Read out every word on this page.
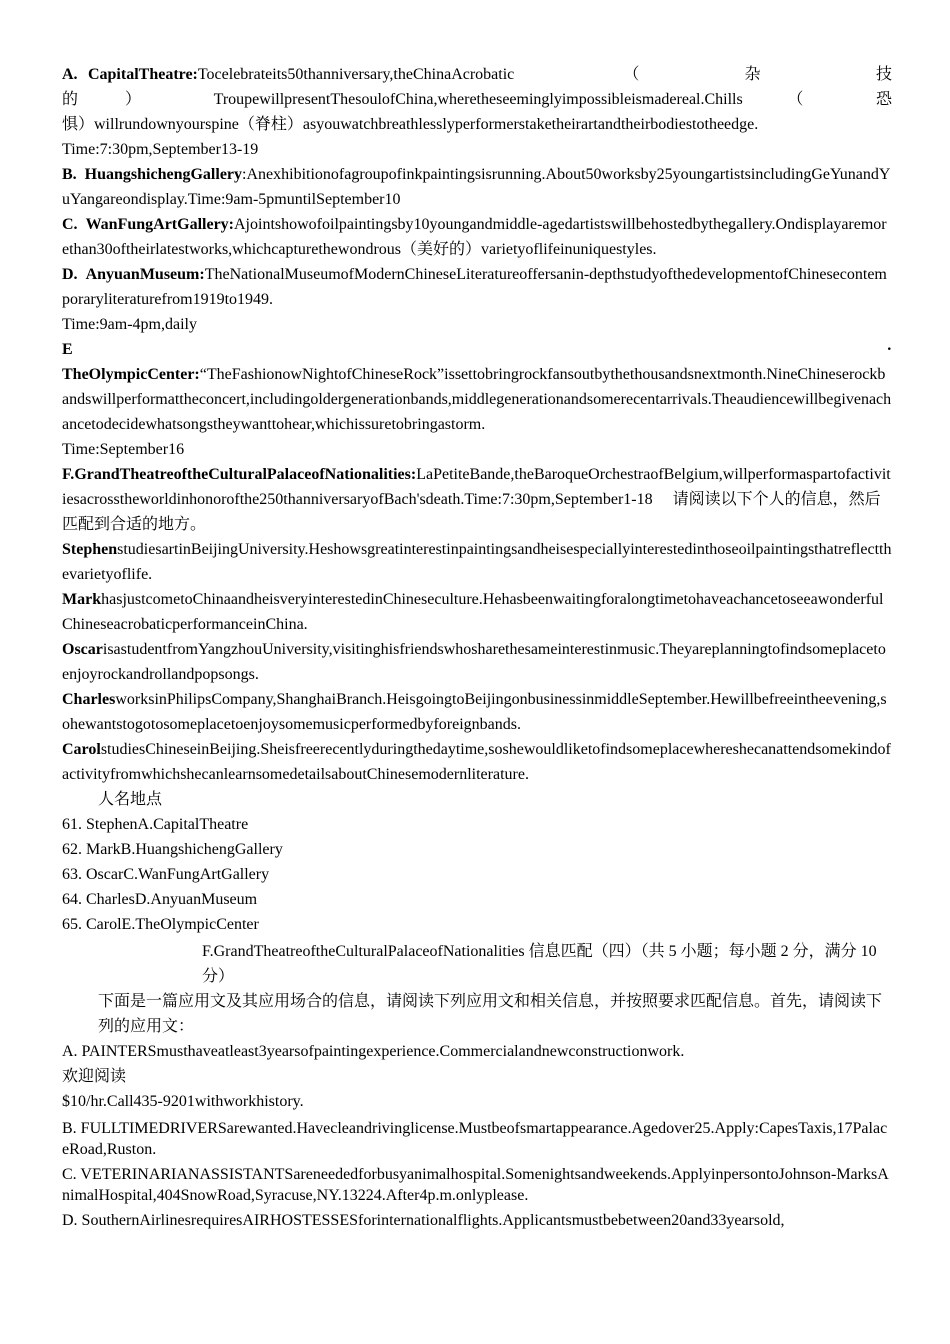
A. CapitalTheatre:Tocelebrateits50thanniversary,theChinaAcrobatic                     （                    杂                      技

的       ）           TroupewillpresentThesoulofChina,wheretheseeminglyimpossibleismadereal.Chills       （           恐

惧）willrundownyourspine（脊柱）asyouwatchbreathlesslyperformerstaketheirartandtheirbodiestotheedge.

Time:7:30pm,September13-19

B. HuangshichengGallery:Anexhibitionofagroupofinkpaintingsisrunning.About50worksby25youngartistsincludingGeYunandYuYangareondisplay.Time:9am-5pmuntilSeptember10

C. WanFungArtGallery:Ajointshowofoilpaintingsby10youngandmiddle-agedartistswillbehostedbythegallery.Ondisplayaremorethan30oftheirlatestworks,whichcapturethewondrous（美好的）varietyoflifeinuniquestyles.

D. AnyuanMuseum:TheNationalMuseumofModernChineseLiteratureoffersanin-depthstudyofthedevelopmentofChinesecontemporaryliteraturefrom1919to1949.

Time:9am-4pm,daily

E	·

TheOlympicCenter:“TheFashionowNightofChineseRock”issettobringrockfansoutbythethousandsnextmonth.NineChineserockbandswillperformattheconcert,includingoldergenerationbands,middlegenerationandsomerecentarrivals.Theaudiencewillbegivenachancetodecidewhatsongstheywanttohear,whichissuretobringastorm.

Time:September16

F.GrandTheatreoftheCulturalPalaceofNationalities:LaPetiteBande,theBaroqueOrchestraofBelgium,willperformaspartofactivitiesacrosstheworldinhonorofthe250thanniversaryofBach'sdeath.Time:7:30pm,September1-18 请阅读以下个人的信息，然后匹配到合适的地方。

StephenstudiesartinBeijingUniversity.Heshowsgreatinterestinpaintingsandheisespeciallyinterestedinthoseoilpaintingsthatreflectthevarietyoflife.

MarkhasjustcometoChinaandheisveryinterestedinChineseculture.HehasbeenwaitingforalongtimetohaveachancetoseeawonderfulChineseacrobaticperformanceinChina.

OscarisastudentfromYangzhouUniversity,visitinghisfriendswhosharethesameinterestinmusic.Theyareplanningtofindsomeplacetoenjoyrockandrollandpopsongs.

CharlesworksinPhilipsCompany,ShanghaiBranch.HeisgoingtoBeijingonbusinessinmiddleSeptember.Hewillbefreeintheevening,sohewantstogotosomeplacetoenjoysomemusicperformedbyforeignbands.

CarolstudiesChineseinBeijing.Sheisfreerecentlyduringthedaytime,soshewouldliketofindsomeplacewhereshecanattendsomekindofactivityfromwhichshecanlearnsomedetailsaboutChinesemodernliterature.

人名地点

61. StephenA.CapitalTheatre

62. MarkB.HuangshichengGallery

63. OscarC.WanFungArtGallery

64. CharlesD.AnyuanMuseum

65. CarolE.TheOlympicCenter

F.GrandTheatreoftheCulturalPalaceofNationalities 信息匹配（四）（共 5 小题；每小题 2 分，满分 10 分）

下面是一篇应用文及其应用场合的信息，请阅读下列应用文和相关信息，并按照要求匹配信息。首先，请阅读下列的应用文：

A. PAINTERSmusthaveatleast3yearsofpaintingexperience.Commercialandnewconstructionwork.

欢迎阅读

$10/hr.Call435-9201withworkhistory.

B. FULLTIMEDRIVERSarewanted.Havecleandrivinglicense.Mustbeofsmartappearance.Agedover25.Apply:CapesTaxis,17PalaceRoad,Ruston.

C. VETERINARIANASSISTANTSareneededforbusyanimalhospital.Somenightsandweekends.ApplyinpersontoJohnson-MarksAnimalHospital,404SnowRoad,Syracuse,NY.13224.After4p.m.onlyplease.

D. SouthernAirlinesrequiresAIRHOSTESSESforinternationalflights.Applicantsmustbebetween20and33yearsold,
